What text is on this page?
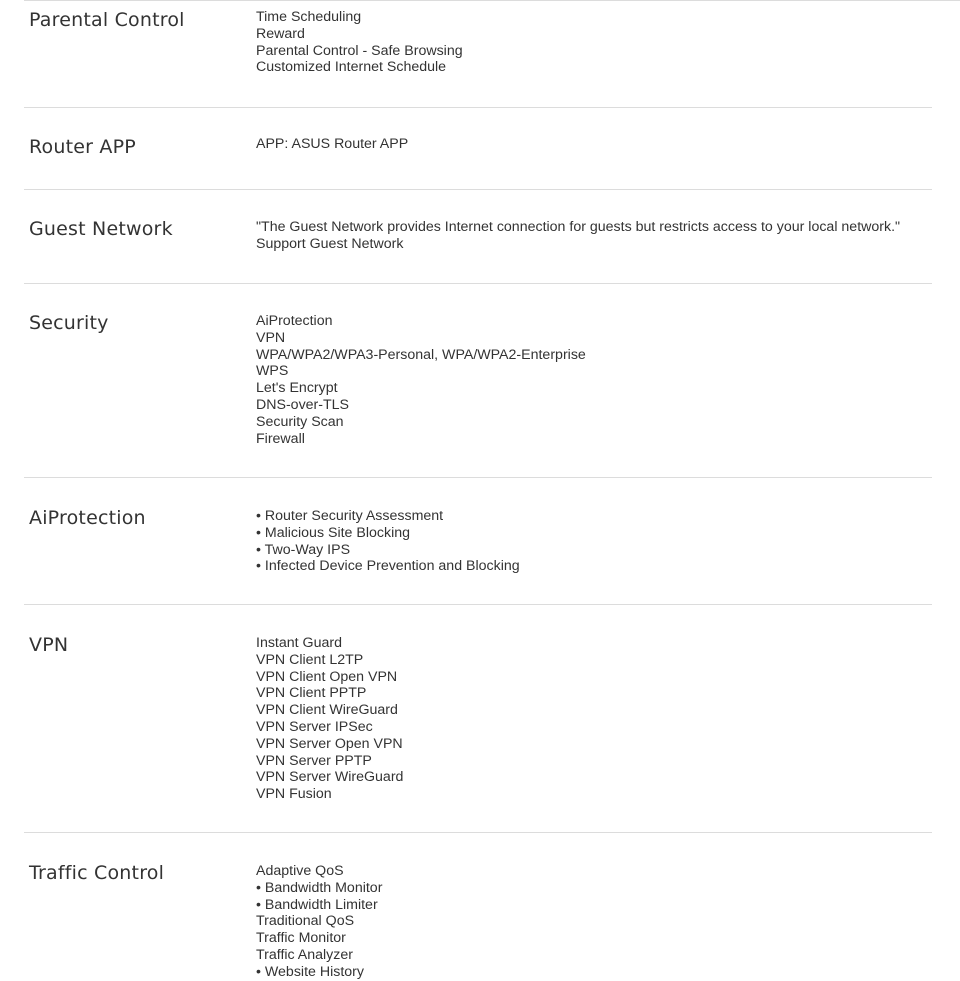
Parental Control	Time Scheduling
Reward
Parental Control - Safe Browsing
Customized Internet Schedule
Router APP	APP: ASUS Router APP
Guest Network	"The Guest Network provides Internet connection for guests but restricts access to your local network."
Support Guest Network
Security	AiProtection
VPN
WPA/WPA2/WPA3-Personal, WPA/WPA2-Enterprise
WPS
Let's Encrypt
DNS-over-TLS
Security Scan
Firewall
AiProtection	• Router Security Assessment
• Malicious Site Blocking
• Two-Way IPS
• Infected Device Prevention and Blocking
VPN	Instant Guard
VPN Client L2TP
VPN Client Open VPN
VPN Client PPTP
VPN Client WireGuard
VPN Server IPSec
VPN Server Open VPN
VPN Server PPTP
VPN Server WireGuard
VPN Fusion
Traffic Control	Adaptive QoS
• Bandwidth Monitor
• Bandwidth Limiter
Traditional QoS
Traffic Monitor
Traffic Analyzer
• Website History
